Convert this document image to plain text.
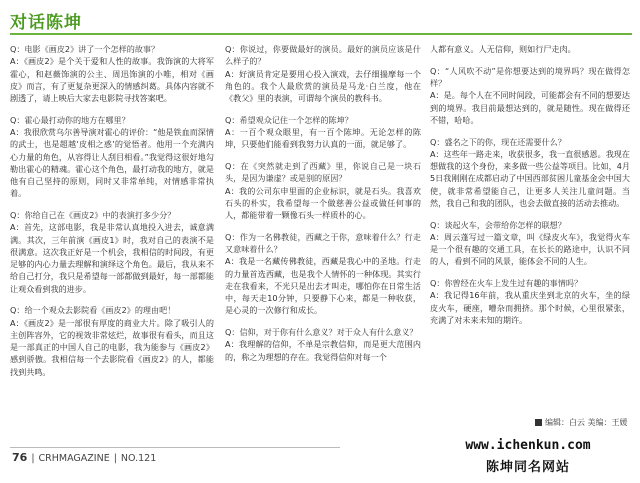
对话陈坤

Q：电影《画皮2》讲了一个怎样的故事？

A：《画皮2》是个关于爱和人性的故事。我饰演的大将军霍心，和赵薇饰演的公主、周迅饰演的小唯，相对《画皮》而言，有了更复杂更深入的情感纠葛。具体内容就不剧透了，请上映后大家去电影院寻找答案吧。

Q：霍心最打动你的地方在哪里？

A：我很欣赏乌尔善导演对霍心的评价：“他是铁血而深情的武士，也是超越‘皮相之惑’的觉悟者。他用一个充满内心力量的角色，从容得让人刮目相看。”我觉得这很好地勾勒出霍心的精魂。霍心这个角色，最打动我的地方，就是他有自己坚持的原则，同时又非常单纯，对情感非常执着。

Q：你给自己在《画皮2》中的表演打多少分？

A：首先，这部电影，我是非常认真地投入进去，诚意满满。其次，三年前演《画皮1》时，我对自己的表演不是很满意。这次我正好是一个机会，我相信的时间段，有更足够的内心力量去理解和演绎这个角色。最后，我从来不给自己打分，我只是希望每一部都做到最好，每一部都能让观众看到我的进步。

Q：给一个观众去影院看《画皮2》的理由吧！

A：《画皮2》是一部很有厚度的商业大片。除了吸引人的主创阵容外，它的视效非常炫烂，故事很有看头，而且这是一部真正的中国人自己的电影，我为能参与《画皮2》感到骄傲。我相信每一个去影院看《画皮2》的人，都能找到共鸣。

Q：你说过，你要做最好的演员。最好的演员应该是什么样子的？

A：好演员肯定是要用心投入演戏，去仔细揣摩每一个角色的。我个人最欣赏的演员是马龙·白兰度，他在《教父》里的表演，可谓每个演员的教科书。

Q：希望观众记住一个怎样的陈坤？

A：一百个观众眼里，有一百个陈坤。无论怎样的陈坤，只要他们能看到我努力认真的一面，就足够了。

Q：在《突然就走到了西藏》里，你说自己是一块石头，是因为谦虚？或是别的原因？

A：我的公司东申里面的企业标识，就是石头。我喜欢石头的朴实，我希望每一个做慈善公益或做任何事的人，都能带着一颗像石头一样质朴的心。

Q：作为一名佛教徒，西藏之于你，意味着什么？行走又意味着什么？

A：我是一名藏传佛教徒，西藏是我心中的圣地。行走的力量首选西藏，也是我个人情怀的一种体现。其实行走在我看来，不光只是出去才叫走，哪怕你在日常生活中，每天走10分钟，只要静下心来，都是一种收获，是心灵的一次修行和成长。

Q：信仰，对于你有什么意义？对于众人有什么意义？

A：我理解的信仰，不单是宗教信仰，而是更大范围内的，称之为理想的存在。我觉得信仰对每一个

人都有意义。人无信仰，则如行尸走肉。

Q：“人风吹不动”是你想要达到的境界吗？现在做得怎样？

A：是。每个人在不同时间段，可能都会有不同的想要达到的境界。我目前最想达到的，就是随性。现在做得还不错，哈哈。

Q：盛名之下的你，现在还需要什么？

A：这些年一路走来，收获很多，我一直很感恩。我现在想做我的这个身份，来多做一些公益等项目。比如，4月5日我刚刚在成都启动了中国西部贫困儿童基金会中国大使，就非常希望能自己，让更多人关注儿童问题。当然，我自己和我的团队，也会去做直接的活动去推动。

Q：谈起火车，会带给你怎样的联想？

A：周云蓬写过一篇文章，叫《绿皮火车》，我觉得火车是一个很有趣的交通工具，在长长的路途中，认识不同的人，看到不同的风景，能体会不同的人生。

Q：你曾经在火车上发生过有趣的事情吗？

A：我记得16年前，我从重庆坐到北京的火车，坐的绿皮火车，硬座，嘈杂而拥挤。那个时候，心里很紧张，充满了对未来未知的期许。

编辑：白云 美编：王媛
76 | CRHMAGAZINE | NO.121
www.ichenkun.com
陈坤同名网站
